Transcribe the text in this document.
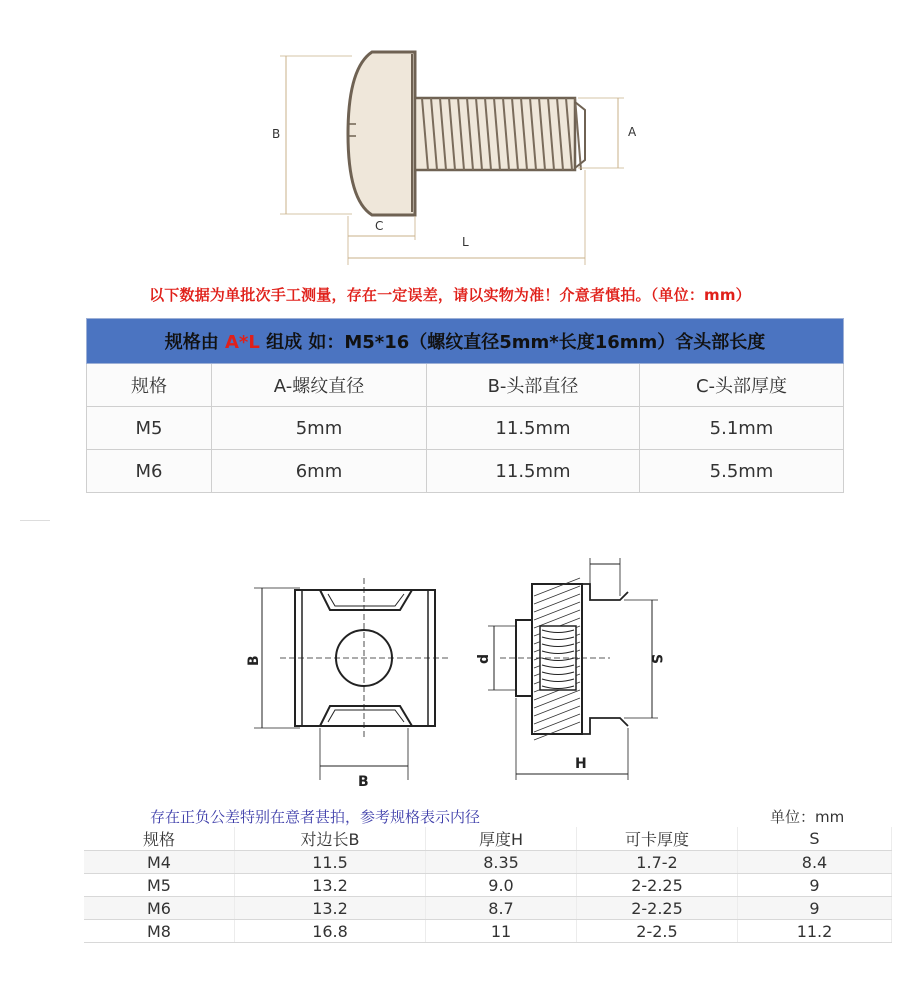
B	A
C
L
以下数据为单批次手工测量，存在一定误差，请以实物为准！介意者慎拍。（单位：mm）
规格由 A*L 组成 如：M5*16（螺纹直径5mm*长度16mm）含头部长度			
规格	A-螺纹直径	B-头部直径	C-头部厚度
M5	5mm	11.5mm	5.1mm
M6	6mm	11.5mm	5.5mm
B
B
d	S
H
存在正负公差特别在意者甚拍，参考规格表示内径	单位：mm
规格	对边长B	厚度H	可卡厚度	S
M4	11.5	8.35	1.7-2	8.4
M5	13.2	9.0	2-2.25	9
M6	13.2	8.7	2-2.25	9
M8	16.8	11	2-2.5	11.2
